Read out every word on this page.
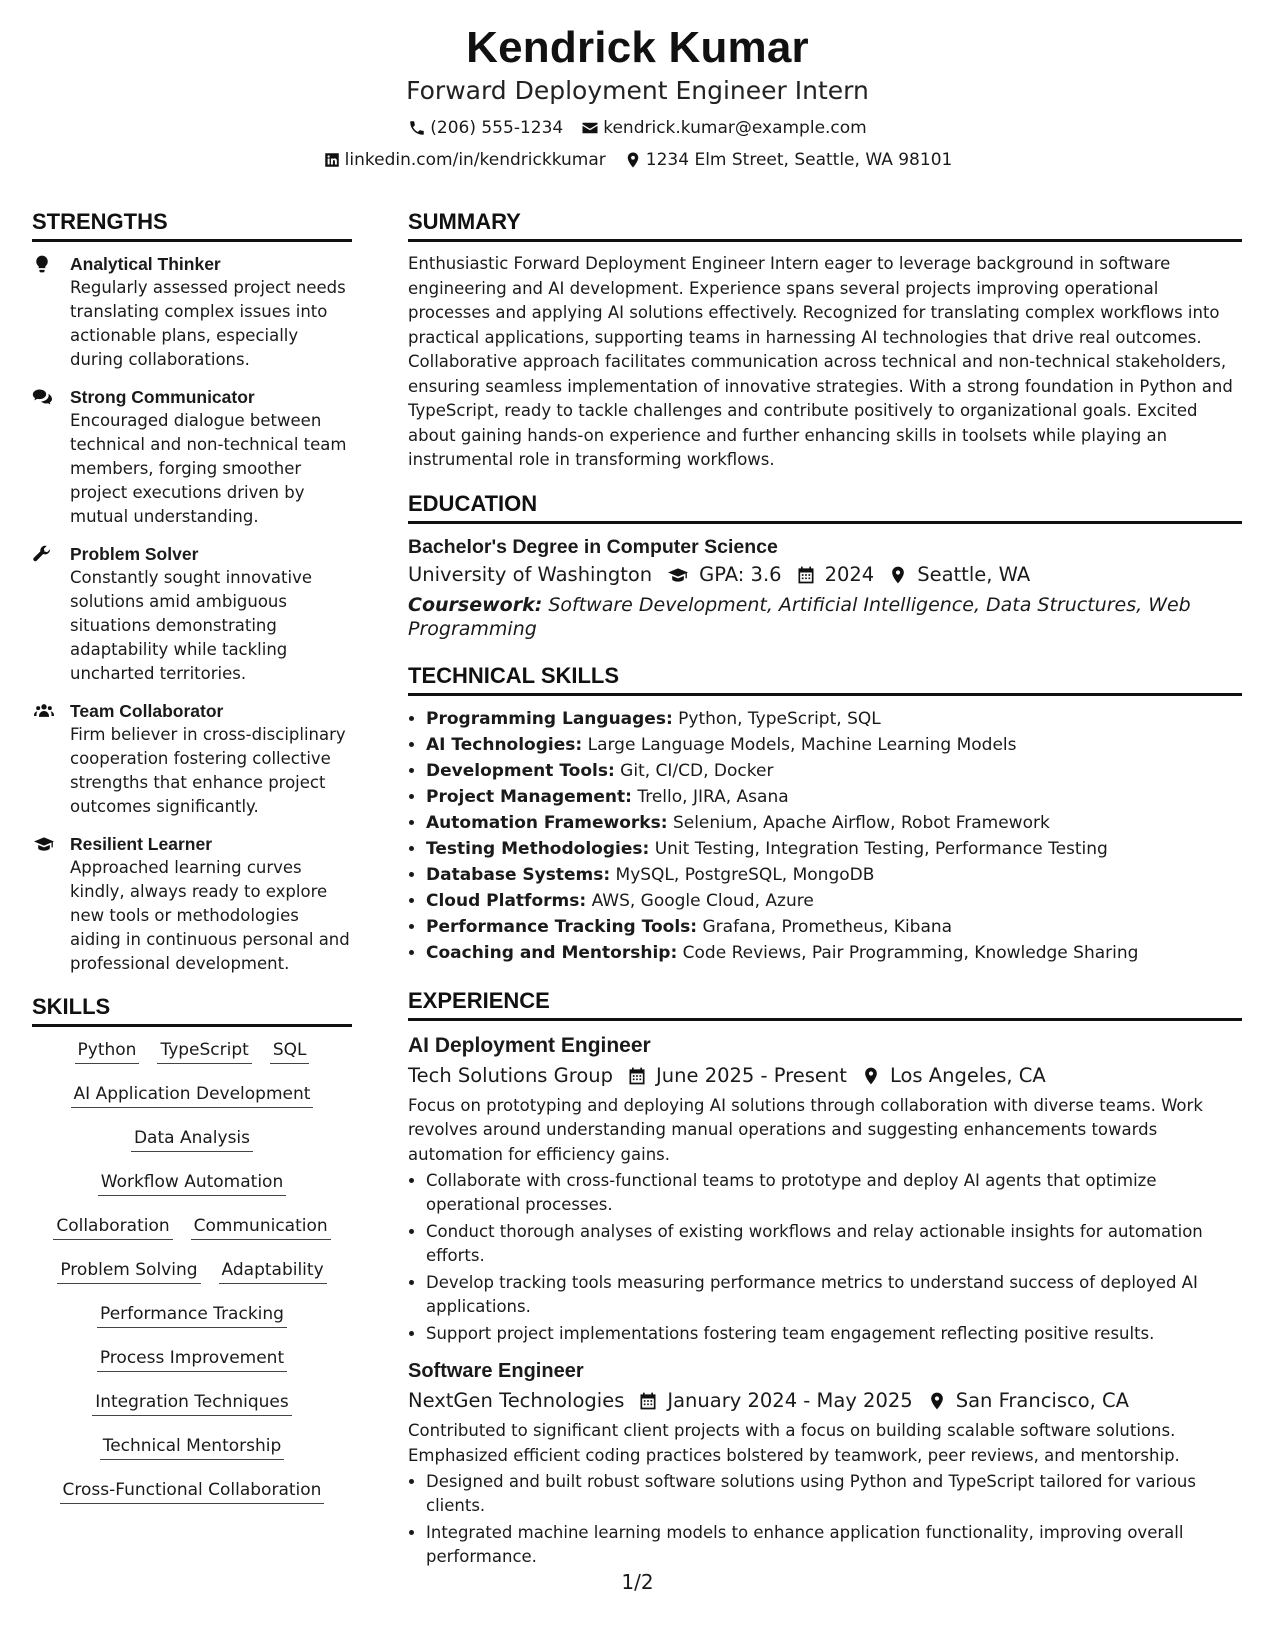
Kendrick Kumar
Forward Deployment Engineer Intern
(206) 555-1234 kendrick.kumar@example.com
linkedin.com/in/kendrickkumar 1234 Elm Street, Seattle, WA 98101
STRENGTHS
Analytical Thinker
Regularly assessed project needs translating complex issues into actionable plans, especially during collaborations.
Strong Communicator
Encouraged dialogue between technical and non-technical team members, forging smoother project executions driven by mutual understanding.
Problem Solver
Constantly sought innovative solutions amid ambiguous situations demonstrating adaptability while tackling uncharted territories.
Team Collaborator
Firm believer in cross-disciplinary cooperation fostering collective strengths that enhance project outcomes significantly.
Resilient Learner
Approached learning curves kindly, always ready to explore new tools or methodologies aiding in continuous personal and professional development.
SKILLS
Python TypeScript SQL
AI Application Development
Data Analysis
Workflow Automation
Collaboration Communication
Problem Solving Adaptability
Performance Tracking
Process Improvement
Integration Techniques
Technical Mentorship
Cross-Functional Collaboration
SUMMARY

Enthusiastic Forward Deployment Engineer Intern eager to leverage background in software engineering and AI development. Experience spans several projects improving operational processes and applying AI solutions effectively. Recognized for translating complex workflows into practical applications, supporting teams in harnessing AI technologies that drive real outcomes. Collaborative approach facilitates communication across technical and non-technical stakeholders, ensuring seamless implementation of innovative strategies. With a strong foundation in Python and TypeScript, ready to tackle challenges and contribute positively to organizational goals. Excited about gaining hands-on experience and further enhancing skills in toolsets while playing an instrumental role in transforming workflows.

EDUCATION
Bachelor's Degree in Computer Science
University of Washington GPA: 3.6 2024 Seattle, WA
Coursework: Software Development, Artificial Intelligence, Data Structures, Web Programming
TECHNICAL SKILLS
• Programming Languages: Python, TypeScript, SQL
• AI Technologies: Large Language Models, Machine Learning Models
• Development Tools: Git, CI/CD, Docker
• Project Management: Trello, JIRA, Asana
• Automation Frameworks: Selenium, Apache Airflow, Robot Framework
• Testing Methodologies: Unit Testing, Integration Testing, Performance Testing
• Database Systems: MySQL, PostgreSQL, MongoDB
• Cloud Platforms: AWS, Google Cloud, Azure
• Performance Tracking Tools: Grafana, Prometheus, Kibana
• Coaching and Mentorship: Code Reviews, Pair Programming, Knowledge Sharing
EXPERIENCE
AI Deployment Engineer
Tech Solutions Group June 2025 - Present Los Angeles, CA

Focus on prototyping and deploying AI solutions through collaboration with diverse teams. Work revolves around understanding manual operations and suggesting enhancements towards automation for efficiency gains.

• Collaborate with cross-functional teams to prototype and deploy AI agents that optimize operational processes.
• Conduct thorough analyses of existing workflows and relay actionable insights for automation efforts.
• Develop tracking tools measuring performance metrics to understand success of deployed AI applications.
• Support project implementations fostering team engagement reflecting positive results.
Software Engineer
NextGen Technologies January 2024 - May 2025 San Francisco, CA

Contributed to significant client projects with a focus on building scalable software solutions. Emphasized efficient coding practices bolstered by teamwork, peer reviews, and mentorship.

• Designed and built robust software solutions using Python and TypeScript tailored for various clients.
• Integrated machine learning models to enhance application functionality, improving overall performance.
1/2
